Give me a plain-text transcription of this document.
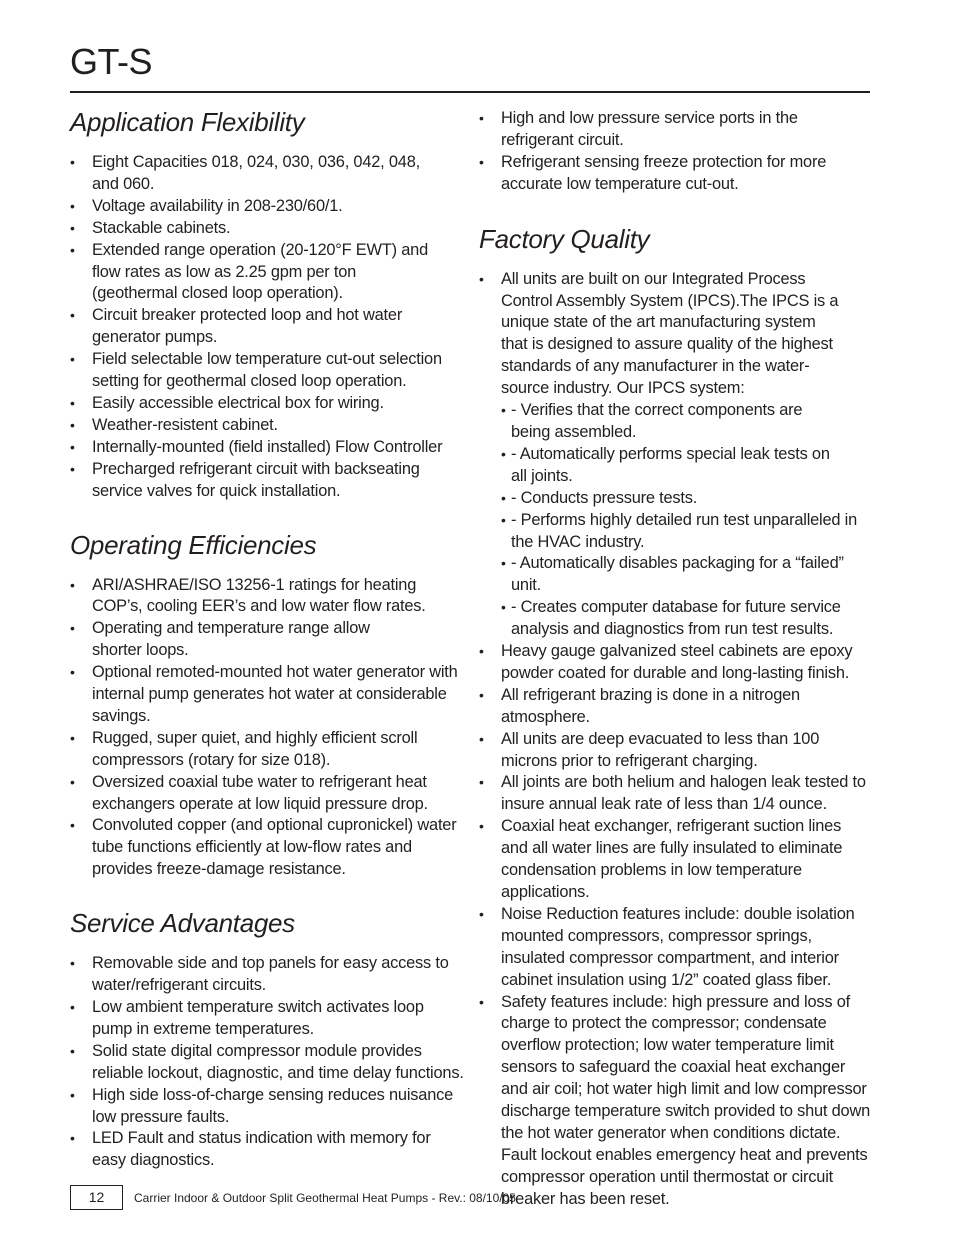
GT-S
Application Flexibility
• Eight Capacities 018, 024, 030, 036, 042, 048, and 060.
• Voltage availability in 208-230/60/1.
• Stackable cabinets.
• Extended range operation (20-120°F EWT) and flow rates as low as 2.25 gpm per ton (geothermal closed loop operation).
• Circuit breaker protected loop and hot water generator pumps.
• Field selectable low temperature cut-out selection setting for geothermal closed loop operation.
• Easily accessible electrical box for wiring.
• Weather-resistent cabinet.
• Internally-mounted (field installed) Flow Controller
• Precharged refrigerant circuit with backseating service valves for quick installation.
Operating Efficiencies
• ARI/ASHRAE/ISO 13256-1 ratings for heating COP’s, cooling EER’s and low water flow rates.
• Operating and temperature range allow shorter loops.
• Optional remoted-mounted hot water generator with internal pump generates hot water at considerable savings.
• Rugged, super quiet, and highly efficient scroll compressors (rotary for size 018).
• Oversized coaxial tube water to refrigerant heat exchangers operate at low liquid pressure drop.
• Convoluted copper (and optional cupronickel) water tube functions efficiently at low-flow rates and provides freeze-damage resistance.
Service Advantages
• Removable side and top panels for easy access to water/refrigerant circuits.
• Low ambient temperature switch activates loop pump in extreme temperatures.
• Solid state digital compressor module provides reliable lockout, diagnostic, and time delay functions.
• High side loss-of-charge sensing reduces nuisance low pressure faults.
• LED Fault and status indication with memory for easy diagnostics.
• High and low pressure service ports in the refrigerant circuit.
• Refrigerant sensing freeze protection for more accurate low temperature cut-out.
Factory Quality
• All units are built on our Integrated Process Control Assembly System (IPCS).The IPCS is a unique state of the art manufacturing system that is designed to assure quality of the highest standards of any manufacturer in the water-source industry. Our IPCS system:
• - Verifies that the correct components are being assembled.
• - Automatically performs special leak tests on all joints.
• - Conducts pressure tests.
• - Performs highly detailed run test unparalleled in the HVAC industry.
• - Automatically disables packaging for a “failed” unit.
• - Creates computer database for future service analysis and diagnostics from run test results.
• Heavy gauge galvanized steel cabinets are epoxy powder coated for durable and long-lasting finish.
• All refrigerant brazing is done in a nitrogen atmosphere.
• All units are deep evacuated to less than 100 microns prior to refrigerant charging.
• All joints are both helium and halogen leak tested to insure annual leak rate of less than 1/4 ounce.
• Coaxial heat exchanger, refrigerant suction lines and all water lines are fully insulated to eliminate condensation problems in low temperature applications.
• Noise Reduction features include: double isolation mounted compressors, compressor springs, insulated compressor compartment, and interior cabinet insulation using 1/2” coated glass fiber.
• Safety features include: high pressure and loss of charge to protect the compressor; condensate overflow protection; low water temperature limit sensors to safeguard the coaxial heat exchanger and air coil; hot water high limit and low compressor discharge temperature switch provided to shut down the hot water generator when conditions dictate. Fault lockout enables emergency heat and prevents compressor operation until thermostat or circuit breaker has been reset.
12	Carrier Indoor & Outdoor Split Geothermal Heat Pumps - Rev.: 08/10/05
